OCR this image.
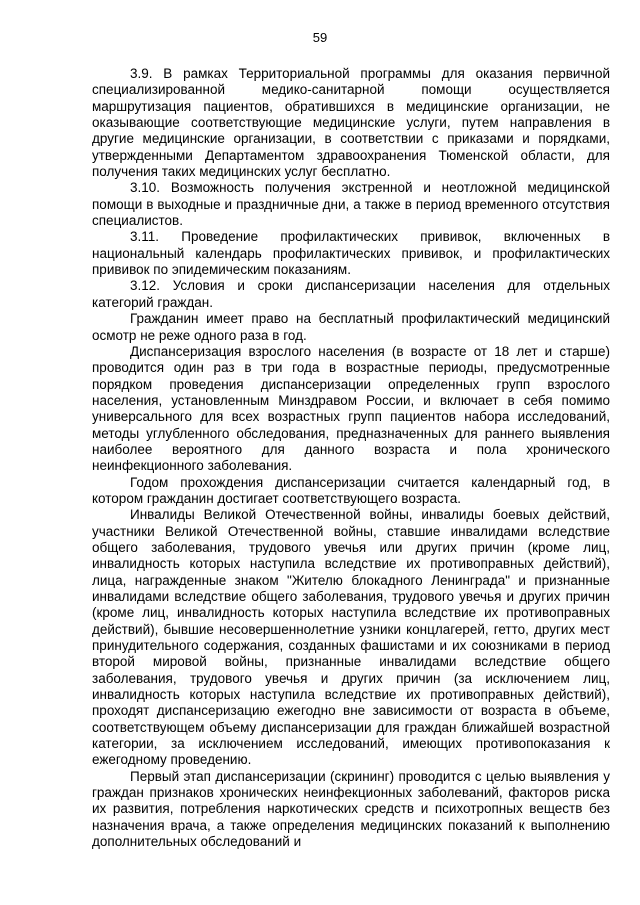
59

3.9. В рамках Территориальной программы для оказания первичной специализированной медико-санитарной помощи осуществляется маршрутизация пациентов, обратившихся в медицинские организации, не оказывающие соответствующие медицинские услуги, путем направления в другие медицинские организации, в соответствии с приказами и порядками, утвержденными Департаментом здравоохранения Тюменской области, для получения таких медицинских услуг бесплатно.

3.10. Возможность получения экстренной и неотложной медицинской помощи в выходные и праздничные дни, а также в период временного отсутствия специалистов.

3.11. Проведение профилактических прививок, включенных в национальный календарь профилактических прививок, и профилактических прививок по эпидемическим показаниям.

3.12. Условия и сроки диспансеризации населения для отдельных категорий граждан.

Гражданин имеет право на бесплатный профилактический медицинский осмотр не реже одного раза в год.

Диспансеризация взрослого населения (в возрасте от 18 лет и старше) проводится один раз в три года в возрастные периоды, предусмотренные порядком проведения диспансеризации определенных групп взрослого населения, установленным Минздравом России, и включает в себя помимо универсального для всех возрастных групп пациентов набора исследований, методы углубленного обследования, предназначенных для раннего выявления наиболее вероятного для данного возраста и пола хронического неинфекционного заболевания.

Годом прохождения диспансеризации считается календарный год, в котором гражданин достигает соответствующего возраста.

Инвалиды Великой Отечественной войны, инвалиды боевых действий, участники Великой Отечественной войны, ставшие инвалидами вследствие общего заболевания, трудового увечья или других причин (кроме лиц, инвалидность которых наступила вследствие их противоправных действий), лица, награжденные знаком "Жителю блокадного Ленинграда" и признанные инвалидами вследствие общего заболевания, трудового увечья и других причин (кроме лиц, инвалидность которых наступила вследствие их противоправных действий), бывшие несовершеннолетние узники концлагерей, гетто, других мест принудительного содержания, созданных фашистами и их союзниками в период второй мировой войны, признанные инвалидами вследствие общего заболевания, трудового увечья и других причин (за исключением лиц, инвалидность которых наступила вследствие их противоправных действий), проходят диспансеризацию ежегодно вне зависимости от возраста в объеме, соответствующем объему диспансеризации для граждан ближайшей возрастной категории, за исключением исследований, имеющих противопоказания к ежегодному проведению.

Первый этап диспансеризации (скрининг) проводится с целью выявления у граждан признаков хронических неинфекционных заболеваний, факторов риска их развития, потребления наркотических средств и психотропных веществ без назначения врача, а также определения медицинских показаний к выполнению дополнительных обследований и
